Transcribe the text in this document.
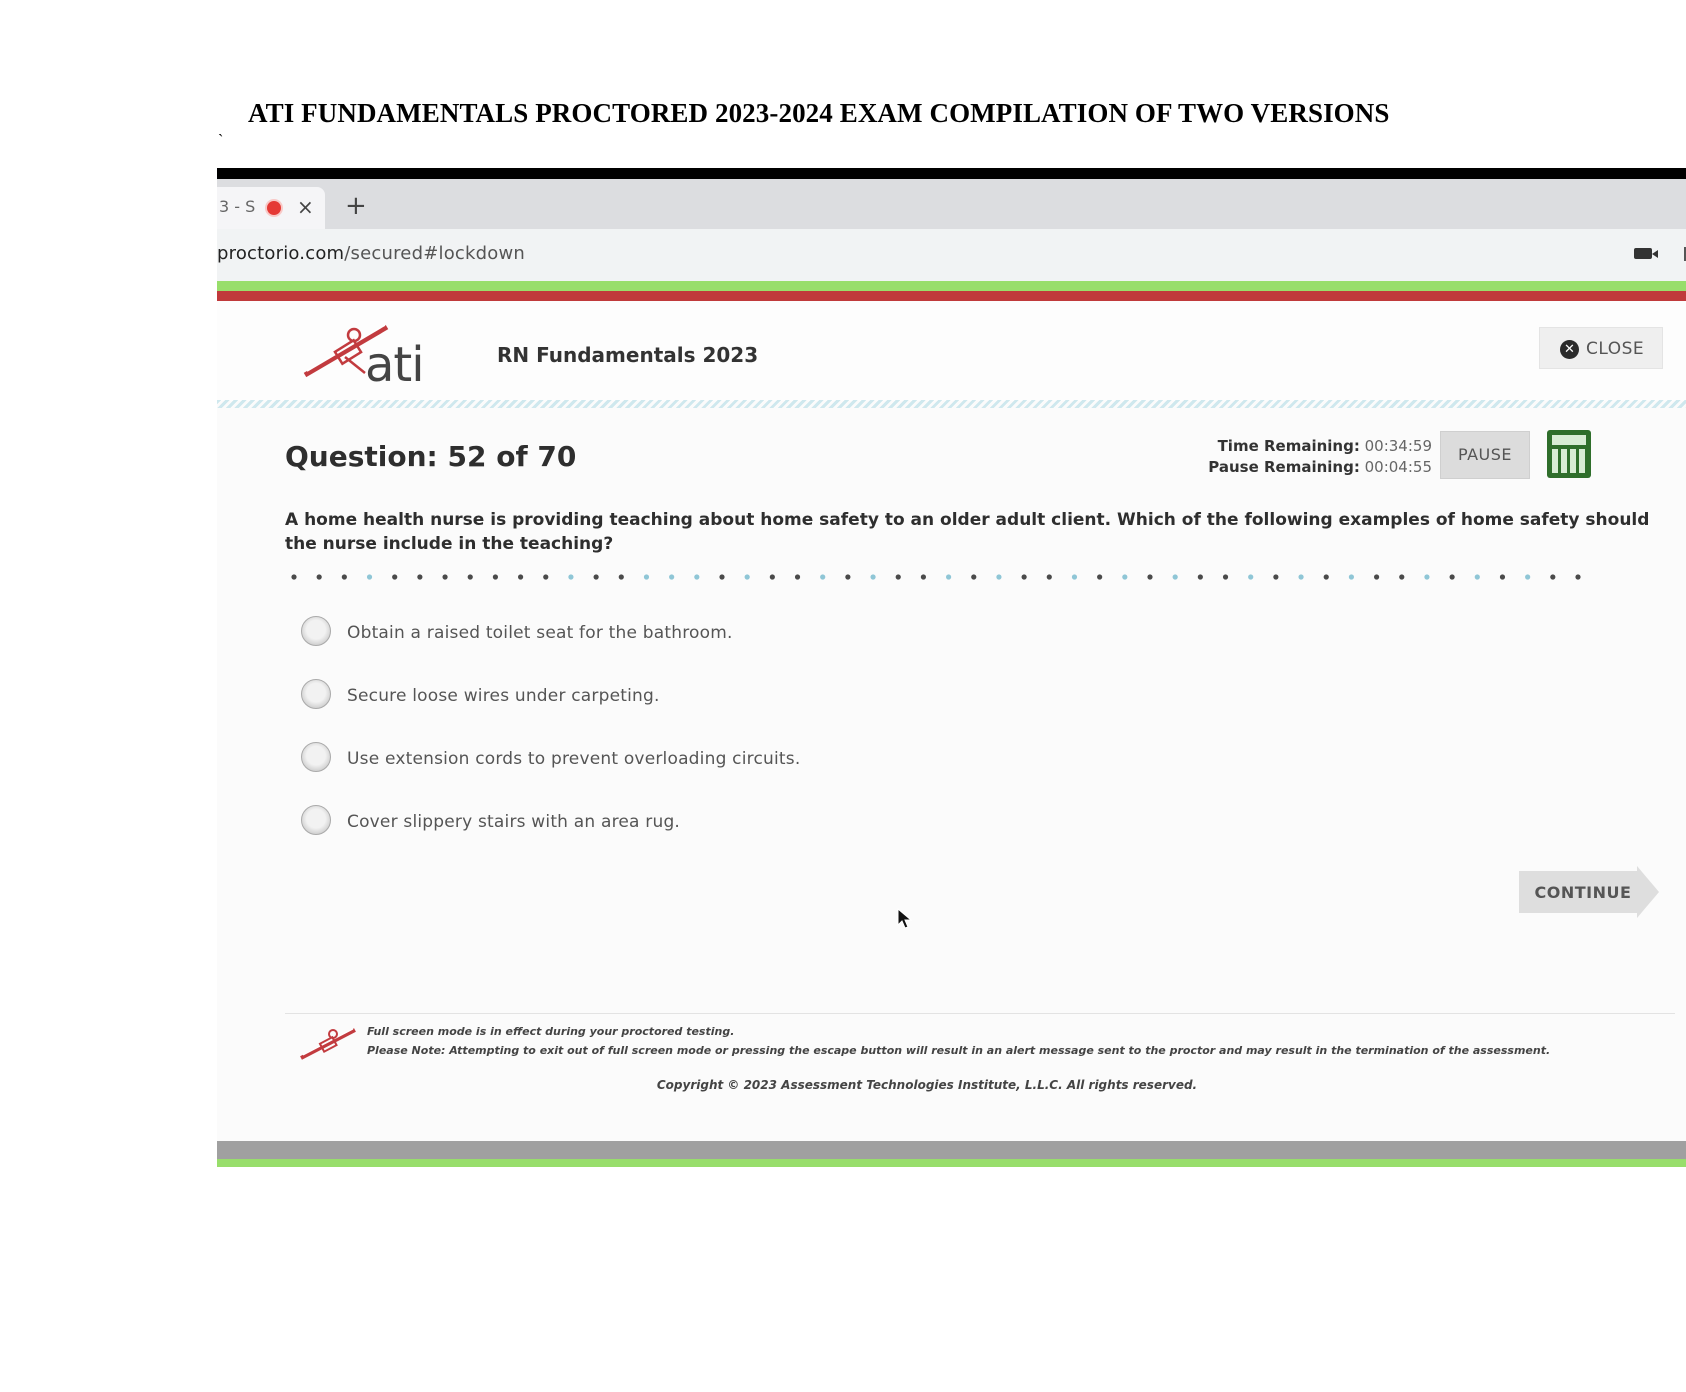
ATI FUNDAMENTALS PROCTORED 2023-2024 EXAM COMPILATION OF TWO VERSIONS
`
3 - S × +
proctorio.com/secured#lockdown
ati	RN Fundamentals 2023	✕ CLOSE
Question: 52 of 70	Time Remaining: 00:34:59
Pause Remaining: 00:04:55
PAUSE
A home health nurse is providing teaching about home safety to an older adult client. Which of the following examples of home safety should the nurse include in the teaching?
Obtain a raised toilet seat for the bathroom.
Secure loose wires under carpeting.
Use extension cords to prevent overloading circuits.
Cover slippery stairs with an area rug.
CONTINUE

Full screen mode is in effect during your proctored testing.

Please Note: Attempting to exit out of full screen mode or pressing the escape button will result in an alert message sent to the proctor and may result in the termination of the assessment.

Copyright © 2023 Assessment Technologies Institute, L.L.C. All rights reserved.
